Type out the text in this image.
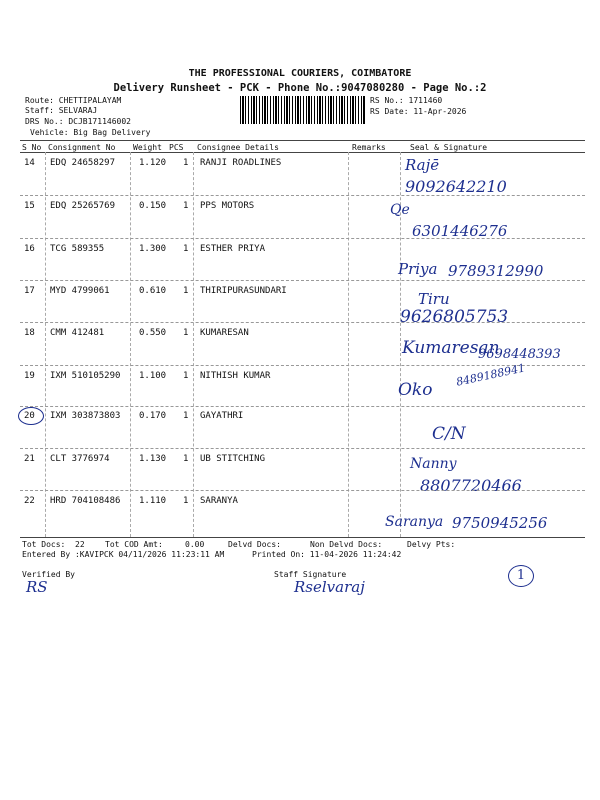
THE PROFESSIONAL COURIERS, COIMBATORE
Delivery Runsheet - PCK - Phone No.:9047080280 - Page No.:2
Route: CHETTIPALAYAM
Staff: SELVARAJ
DRS No.: DCJB171146002
Vehicle: Big Bag Delivery
RS No.: 1711460
RS Date: 11-Apr-2026
S No Consignment No Weight PCS Consignee Details	Remarks	Seal & Signature
14 EDQ 24658297	1.120 1 RANJI ROADLINES	Rajē
9092642210
15 EDQ 25265769	0.150 1 PPS MOTORS	Qe
6301446276
16 TCG 589355	1.300 1 ESTHER PRIYA
Priya 9789312990
17 MYD 4799061	0.610 1 THIRIPURASUNDARI	Tiru
9626805753
18 CMM 412481	0.550 1 KUMARESAN
Kumaresan
9698448393
19 IXM 510105290 1.100 1 NITHISH KUMAR
Oko
8489188941
20 IXM 303873803 0.170 1 GAYATHRI
C/N
21 CLT 3776974	1.130 1 UB STITCHING	Nanny
8807720466
22 HRD 704108486 1.110 1 SARANYA
Saranya 9750945256
Tot Docs: 22	Tot COD Amt:	0.00	Delvd Docs:	Non Delvd Docs:	Delvy Pts:
Entered By :KAVIPCK 04/11/2026 11:23:11 AM	Printed On: 11-04-2026 11:24:42
Verified By
RS
Staff Signature
Rselvaraj
1
